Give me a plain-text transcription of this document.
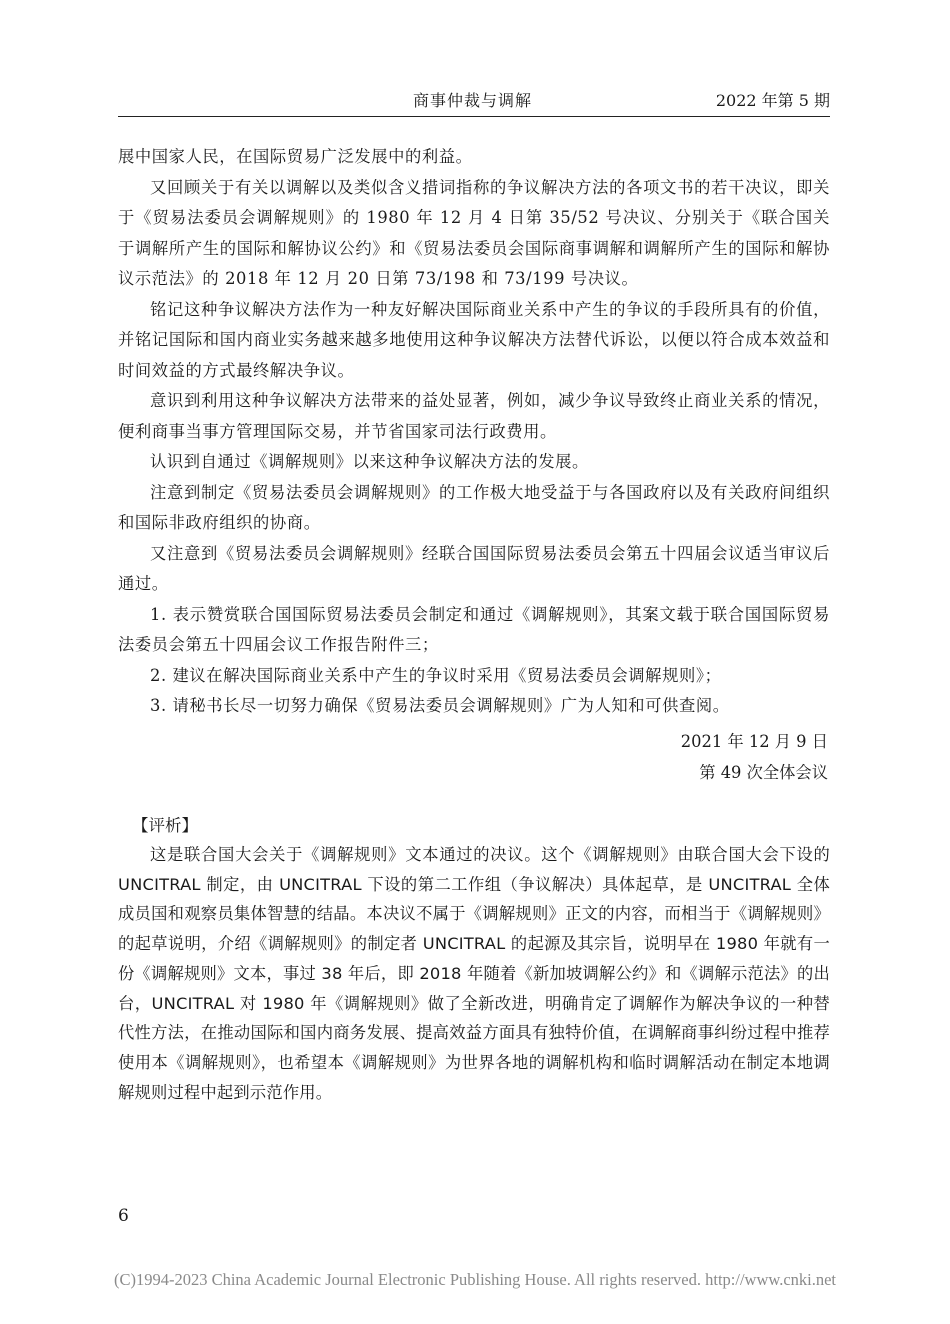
商事仲裁与调解	2022 年第 5 期

展中国家人民，在国际贸易广泛发展中的利益。

又回顾关于有关以调解以及类似含义措词指称的争议解决方法的各项文书的若干决议，即关于《贸易法委员会调解规则》的 1980 年 12 月 4 日第 35/52 号决议、分别关于《联合国关于调解所产生的国际和解协议公约》和《贸易法委员会国际商事调解和调解所产生的国际和解协议示范法》的 2018 年 12 月 20 日第 73/198 和 73/199 号决议。

铭记这种争议解决方法作为一种友好解决国际商业关系中产生的争议的手段所具有的价值，并铭记国际和国内商业实务越来越多地使用这种争议解决方法替代诉讼，以便以符合成本效益和时间效益的方式最终解决争议。

意识到利用这种争议解决方法带来的益处显著，例如，减少争议导致终止商业关系的情况，便利商事当事方管理国际交易，并节省国家司法行政费用。

认识到自通过《调解规则》以来这种争议解决方法的发展。

注意到制定《贸易法委员会调解规则》的工作极大地受益于与各国政府以及有关政府间组织和国际非政府组织的协商。

又注意到《贸易法委员会调解规则》经联合国国际贸易法委员会第五十四届会议适当审议后通过。

1. 表示赞赏联合国国际贸易法委员会制定和通过《调解规则》，其案文载于联合国国际贸易法委员会第五十四届会议工作报告附件三；

2. 建议在解决国际商业关系中产生的争议时采用《贸易法委员会调解规则》；

3. 请秘书长尽一切努力确保《贸易法委员会调解规则》广为人知和可供查阅。

2021 年 12 月 9 日
第 49 次全体会议
【评析】

这是联合国大会关于《调解规则》文本通过的决议。这个《调解规则》由联合国大会下设的 UNCITRAL 制定，由 UNCITRAL 下设的第二工作组（争议解决）具体起草，是 UNCITRAL 全体成员国和观察员集体智慧的结晶。本决议不属于《调解规则》正文的内容，而相当于《调解规则》的起草说明，介绍《调解规则》的制定者 UNCITRAL 的起源及其宗旨，说明早在 1980 年就有一份《调解规则》文本，事过 38 年后，即 2018 年随着《新加坡调解公约》和《调解示范法》的出台，UNCITRAL 对 1980 年《调解规则》做了全新改进，明确肯定了调解作为解决争议的一种替代性方法，在推动国际和国内商务发展、提高效益方面具有独特价值，在调解商事纠纷过程中推荐使用本《调解规则》，也希望本《调解规则》为世界各地的调解机构和临时调解活动在制定本地调解规则过程中起到示范作用。

6
(C)1994-2023 China Academic Journal Electronic Publishing House. All rights reserved. http://www.cnki.net
